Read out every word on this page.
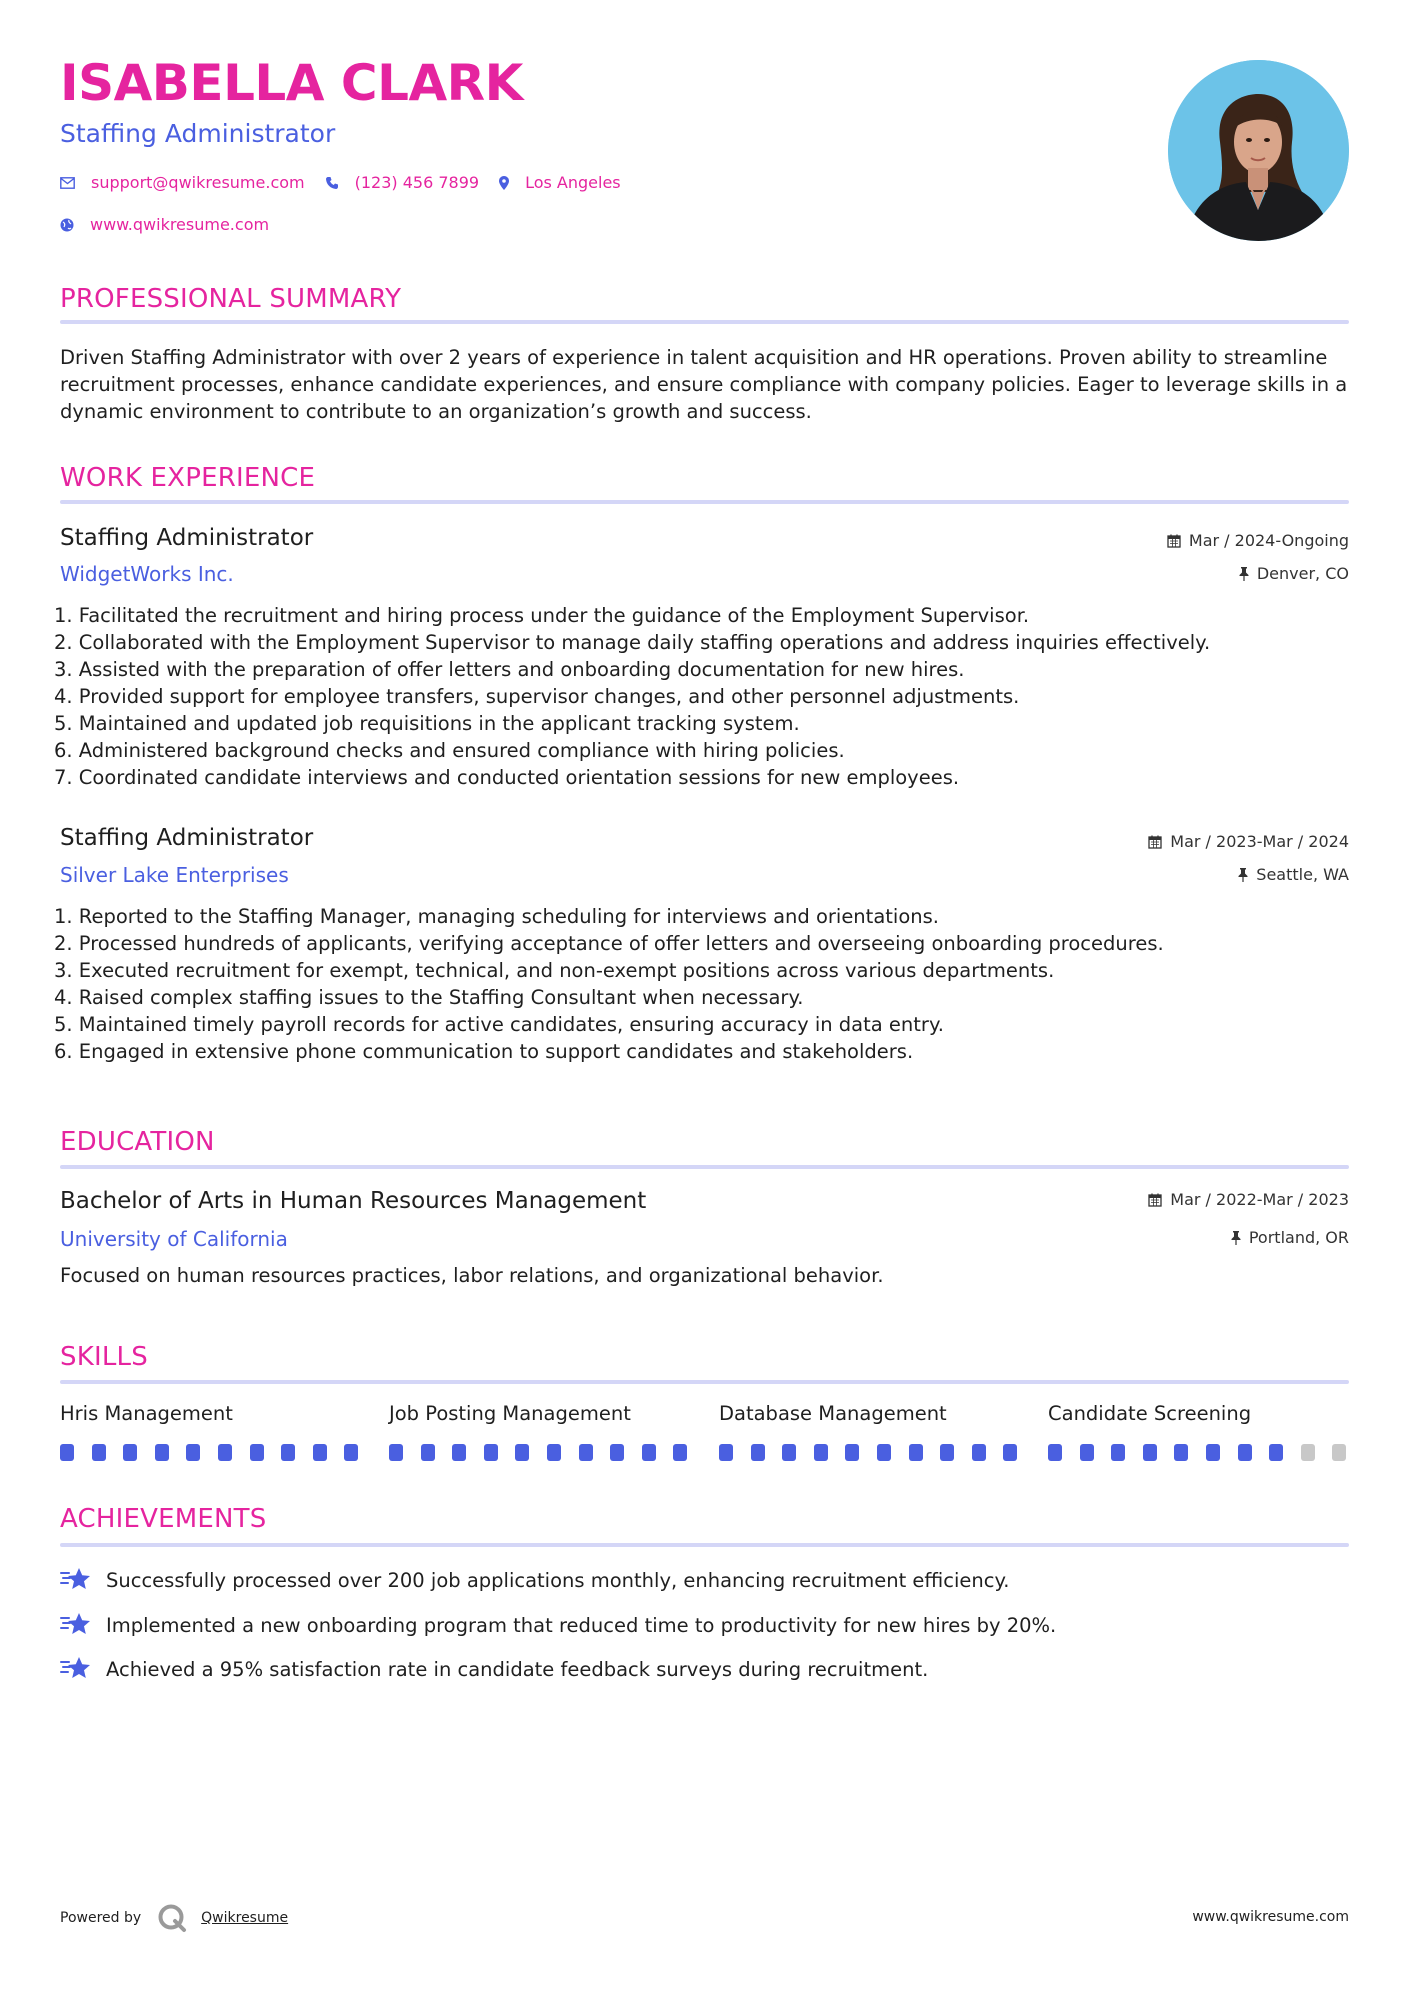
ISABELLA CLARK
Staffing Administrator
support@qwikresume.com	(123) 456 7899	Los Angeles
www.qwikresume.com
PROFESSIONAL SUMMARY

Driven Staffing Administrator with over 2 years of experience in talent acquisition and HR operations. Proven ability to streamline recruitment processes, enhance candidate experiences, and ensure compliance with company policies. Eager to leverage skills in a dynamic environment to contribute to an organization’s growth and success.

WORK EXPERIENCE
Staffing Administrator
WidgetWorks Inc.
Mar / 2024-Ongoing
Denver, CO
1. Facilitated the recruitment and hiring process under the guidance of the Employment Supervisor.
2. Collaborated with the Employment Supervisor to manage daily staffing operations and address inquiries effectively.
3. Assisted with the preparation of offer letters and onboarding documentation for new hires.
4. Provided support for employee transfers, supervisor changes, and other personnel adjustments.
5. Maintained and updated job requisitions in the applicant tracking system.
6. Administered background checks and ensured compliance with hiring policies.
7. Coordinated candidate interviews and conducted orientation sessions for new employees.
Staffing Administrator
Silver Lake Enterprises
Mar / 2023-Mar / 2024
Seattle, WA
1. Reported to the Staffing Manager, managing scheduling for interviews and orientations.
2. Processed hundreds of applicants, verifying acceptance of offer letters and overseeing onboarding procedures.
3. Executed recruitment for exempt, technical, and non-exempt positions across various departments.
4. Raised complex staffing issues to the Staffing Consultant when necessary.
5. Maintained timely payroll records for active candidates, ensuring accuracy in data entry.
6. Engaged in extensive phone communication to support candidates and stakeholders.
EDUCATION
Bachelor of Arts in Human Resources Management
University of California
Mar / 2022-Mar / 2023
Portland, OR
Focused on human resources practices, labor relations, and organizational behavior.
SKILLS
Hris Management	Job Posting Management	Database Management	Candidate Screening
ACHIEVEMENTS
Successfully processed over 200 job applications monthly, enhancing recruitment efficiency.
Implemented a new onboarding program that reduced time to productivity for new hires by 20%.
Achieved a 95% satisfaction rate in candidate feedback surveys during recruitment.
Powered by	Qwikresume	www.qwikresume.com
